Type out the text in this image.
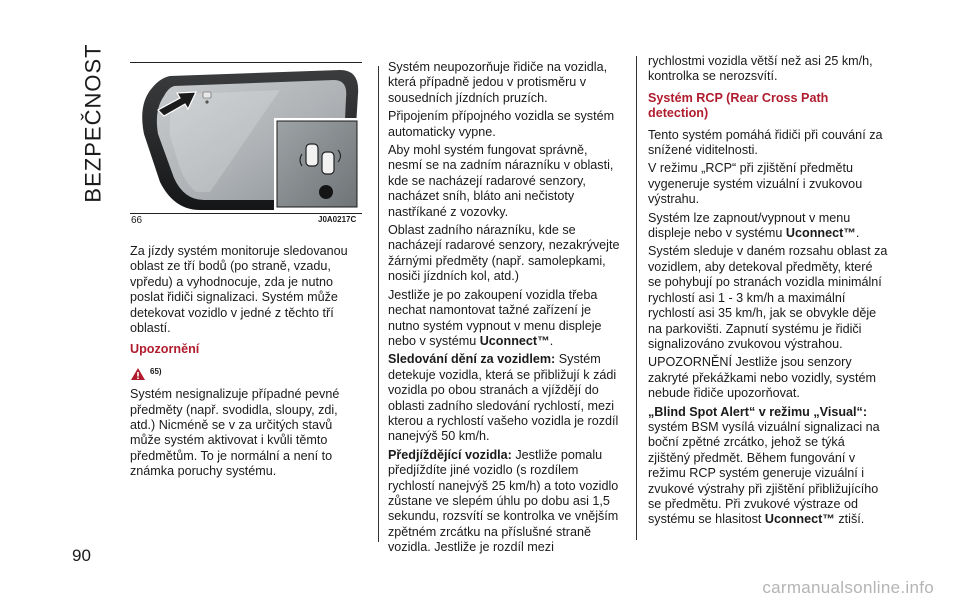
BEZPEČNOST
66	J0A0217C

Za jízdy systém monitoruje sledovanou oblast ze tří bodů (po straně, vzadu, vpředu) a vyhodnocuje, zda je nutno poslat řidiči signalizaci. Systém může detekovat vozidlo v jedné z těchto tří oblastí.

Upozornění

65)

Systém nesignalizuje případné pevné předměty (např. svodidla, sloupy, zdi, atd.) Nicméně se v za určitých stavů může systém aktivovat i kvůli těmto předmětům. To je normální a není to známka poruchy systému.

Systém neupozorňuje řidiče na vozidla, která případně jedou v protisměru v sousedních jízdních pruzích.

Připojením přípojného vozidla se systém automaticky vypne.

Aby mohl systém fungovat správně, nesmí se na zadním nárazníku v oblasti, kde se nacházejí radarové senzory, nacházet sníh, bláto ani nečistoty nastříkané z vozovky.

Oblast zadního nárazníku, kde se nacházejí radarové senzory, nezakrývejte žárnými předměty (např. samolepkami, nosiči jízdních kol, atd.)

Jestliže je po zakoupení vozidla třeba nechat namontovat tažné zařízení je nutno systém vypnout v menu displeje nebo v systému Uconnect™.

Sledování dění za vozidlem: Systém detekuje vozidla, která se přibližují k zádi vozidla po obou stranách a vjíždějí do oblasti zadního sledování rychlostí, mezi kterou a rychlostí vašeho vozidla je rozdíl nanejvýš 50 km/h.

Předjíždějící vozidla: Jestliže pomalu předjíždíte jiné vozidlo (s rozdílem rychlostí nanejvýš 25 km/h) a toto vozidlo zůstane ve slepém úhlu po dobu asi 1,5 sekundu, rozsvítí se kontrolka ve vnějším zpětném zrcátku na příslušné straně vozidla. Jestliže je rozdíl mezi

rychlostmi vozidla větší než asi 25 km/h, kontrolka se nerozsvítí.

Systém RCP (Rear Cross Path detection)

Tento systém pomáhá řidiči při couvání za snížené viditelnosti.

V režimu „RCP“ při zjištění předmětu vygeneruje systém vizuální i zvukovou výstrahu.

Systém lze zapnout/vypnout v menu displeje nebo v systému Uconnect™.

Systém sleduje v daném rozsahu oblast za vozidlem, aby detekoval předměty, které se pohybují po stranách vozidla minimální rychlostí asi 1 - 3 km/h a maximální rychlostí asi 35 km/h, jak se obvykle děje na parkovišti. Zapnutí systému je řidiči signalizováno zvukovou výstrahou.

UPOZORNĚNÍ Jestliže jsou senzory zakryté překážkami nebo vozidly, systém nebude řidiče upozorňovat.

„Blind Spot Alert“ v režimu „Visual“:

systém BSM vysílá vizuální signalizaci na boční zpětné zrcátko, jehož se týká zjištěný předmět. Během fungování v režimu RCP systém generuje vizuální i zvukové výstrahy při zjištění přibližujícího se předmětu. Při zvukové výstraze od systému se hlasitost Uconnect™ ztiší.

90
carmanualsonline.info
